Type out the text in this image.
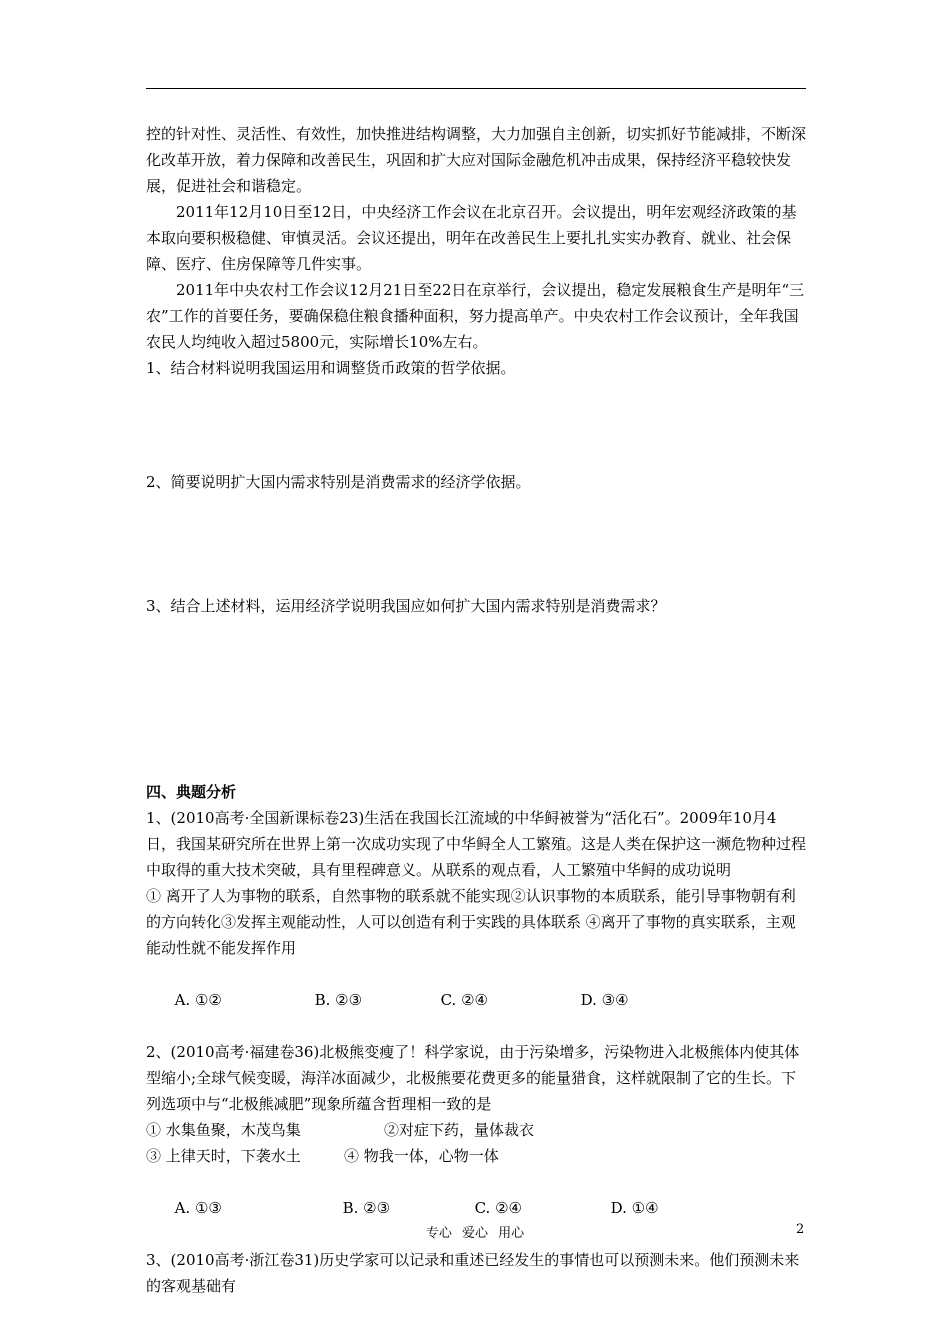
控的针对性、灵活性、有效性，加快推进结构调整，大力加强自主创新，切实抓好节能减排，不断深化改革开放，着力保障和改善民生，巩固和扩大应对国际金融危机冲击成果，保持经济平稳较快发展，促进社会和谐稳定。

2011年12月10日至12日，中央经济工作会议在北京召开。会议提出，明年宏观经济政策的基本取向要积极稳健、审慎灵活。会议还提出，明年在改善民生上要扎扎实实办教育、就业、社会保障、医疗、住房保障等几件实事。

2011年中央农村工作会议12月21日至22日在京举行，会议提出，稳定发展粮食生产是明年“三农”工作的首要任务，要确保稳住粮食播种面积，努力提高单产。中央农村工作会议预计，全年我国农民人均纯收入超过5800元，实际增长10%左右。

1、结合材料说明我国运用和调整货币政策的哲学依据。

2、简要说明扩大国内需求特别是消费需求的经济学依据。

3、结合上述材料，运用经济学说明我国应如何扩大国内需求特别是消费需求？

四、典题分析

1、(2010高考·全国新课标卷23)生活在我国长江流域的中华鲟被誉为“活化石”。2009年10月4日，我国某研究所在世界上第一次成功实现了中华鲟全人工繁殖。这是人类在保护这一濒危物种过程中取得的重大技术突破，具有里程碑意义。从联系的观点看，人工繁殖中华鲟的成功说明

① 离开了人为事物的联系，自然事物的联系就不能实现②认识事物的本质联系，能引导事物朝有利的方向转化③发挥主观能动性，人可以创造有利于实践的具体联系 ④离开了事物的真实联系，主观能动性就不能发挥作用

A. ①②	B. ②③	C. ②④	D. ③④

2、(2010高考·福建卷36)北极熊变瘦了！科学家说，由于污染增多，污染物进入北极熊体内使其体型缩小;全球气候变暖，海洋冰面减少，北极熊要花费更多的能量猎食，这样就限制了它的生长。下列选项中与“北极熊减肥”现象所蕴含哲理相一致的是

① 水集鱼聚，木茂鸟集	②对症下药，量体裁衣

③ 上律天时，下袭水土	④ 物我一体，心物一体

A. ①③	B. ②③	C. ②④	D. ①④

3、(2010高考·浙江卷31)历史学家可以记录和重述已经发生的事情也可以预测未来。他们预测未来的客观基础有

专心 爱心 用心	2
